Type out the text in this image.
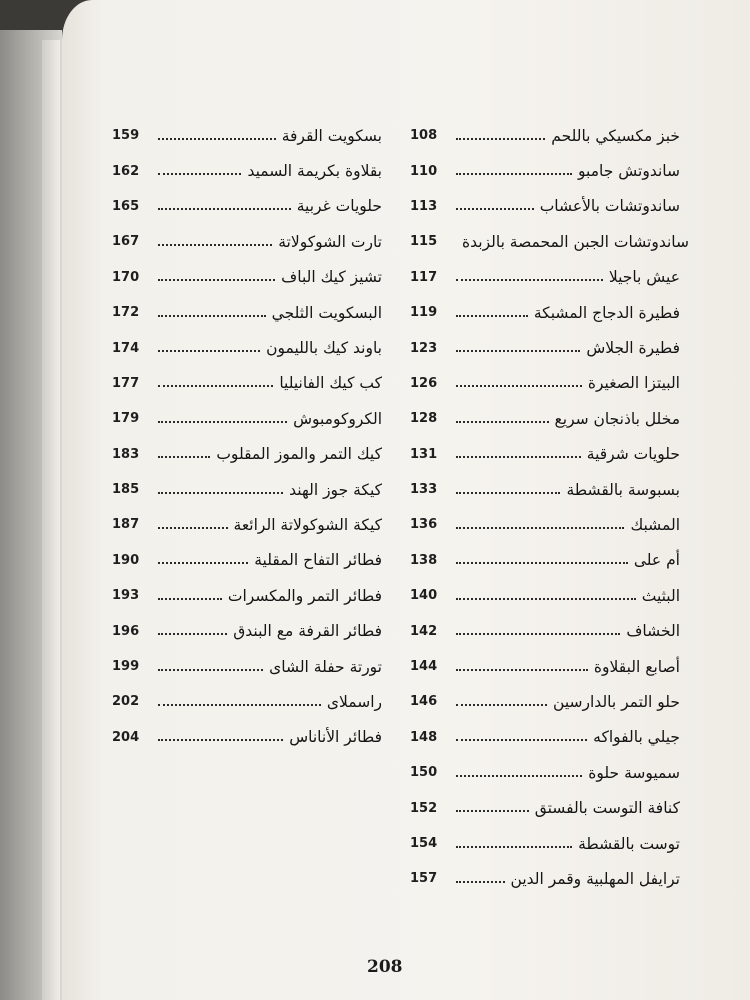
108	خبز مكسيكي باللحم
110	ساندوتش جامبو
113	ساندوتشات بالأعشاب
115	ساندوتشات الجبن المحمصة بالزبدة
117	عيش باجيلا
119	فطيرة الدجاج المشبكة
123	فطيرة الجلاش
126	البيتزا الصغيرة
128	مخلل باذنجان سريع
131	حلويات شرقية
133	بسبوسة بالقشطة
136	المشبك
138	أم على
140	البثيث
142	الخشاف
144	أصابع البقلاوة
146	حلو التمر بالدارسين
148	جيلي بالفواكه
150	سميوسة حلوة
152	كنافة التوست بالفستق
154	توست بالقشطة
157	ترايفل المهلبية وقمر الدين
159	بسكويت القرفة
162	بقلاوة بكريمة السميد
165	حلويات غربية
167	تارت الشوكولاتة
170	تشيز كيك الباف
172	البسكويت الثلجي
174	باوند كيك بالليمون
177	كب كيك الفانيليا
179	الكروكومبوش
183	كيك التمر والموز المقلوب
185	كيكة جوز الهند
187	كيكة الشوكولاتة الرائعة
190	فطائر التفاح المقلية
193	فطائر التمر والمكسرات
196	فطائر القرفة مع البندق
199	تورتة حفلة الشاى
202	راسملاى
204	فطائر الأناناس
208
